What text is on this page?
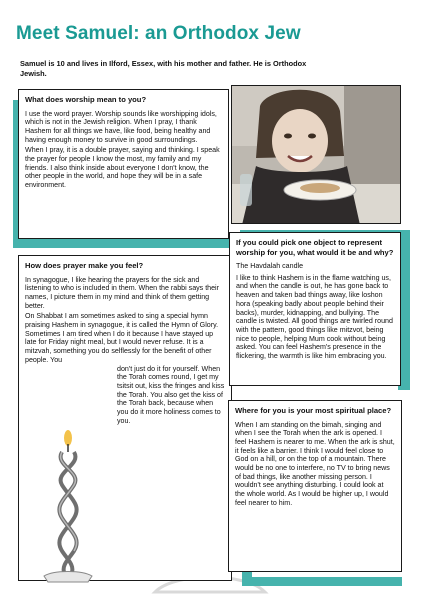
Meet Samuel: an Orthodox Jew

Samuel is 10 and lives in Ilford, Essex, with his mother and father. He is Orthodox Jewish.

What does worship mean to you?

I use the word prayer. Worship sounds like worshipping idols, which is not in the Jewish religion. When I pray, I thank Hashem for all things we have, like food, being healthy and having enough money to survive in good surroundings.

When I pray, it is a double prayer, saying and thinking. I speak the prayer for people I know the most, my family and my friends. I also think inside about everyone I don't know, the other people in the world, and hope they will be in a safe environment.

How does prayer make you feel?

In synagogue, I like hearing the prayers for the sick and listening to who is included in them. When the rabbi says their names, I picture them in my mind and think of them getting better.

On Shabbat I am sometimes asked to sing a special hymn praising Hashem in synagogue, it is called the Hymn of Glory. Sometimes I am tired when I do it because I have stayed up late for Friday night meal, but I would never refuse. It is a mitzvah, something you do selflessly for the benefit of other people. You

don't just do it for yourself. When the Torah comes round, I get my tsitsit out, kiss the fringes and kiss the Torah. You also get the kiss of the Torah back, because when you do it more holiness comes to you.

If you could pick one object to represent worship for you, what would it be and why?

The Havdalah candle

I like to think Hashem is in the flame watching us, and when the candle is out, he has gone back to heaven and taken bad things away, like loshon hora (speaking badly about people behind their backs), murder, kidnapping, and bullying. The candle is twisted. All good things are twirled round with the pattern, good things like mitzvot, being nice to people, helping Mum cook without being asked. You can feel Hashem's presence in the flickering, the warmth is like him embracing you.

Where for you is your most spiritual place?

When I am standing on the bimah, singing and when I see the Torah when the ark is opened. I feel Hashem is nearer to me. When the ark is shut, it feels like a barrier. I think I would feel close to God on a hill, or on the top of a mountain. There would be no one to interfere, no TV to bring news of bad things, like another missing person. I wouldn't see anything disturbing. I could look at the whole world. As I would be higher up, I would feel nearer to him.
